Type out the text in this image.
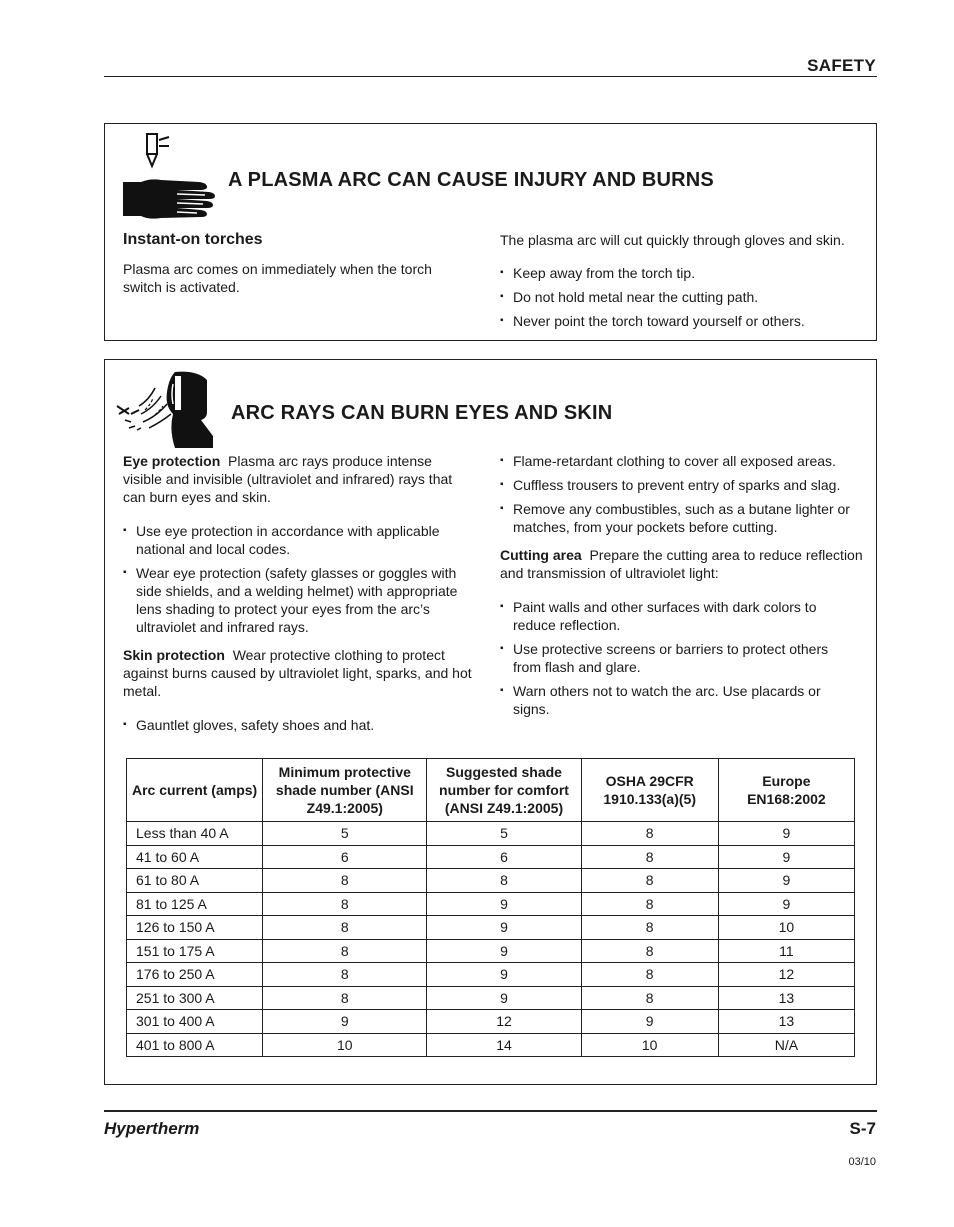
SAFETY
A PLASMA ARC CAN CAUSE INJURY AND BURNS
Instant-on torches
Plasma arc comes on immediately when the torch switch is activated.
The plasma arc will cut quickly through gloves and skin.
▪ Keep away from the torch tip.
▪ Do not hold metal near the cutting path.
▪ Never point the torch toward yourself or others.
ARC RAYS CAN BURN EYES AND SKIN
Eye protection Plasma arc rays produce intense visible and invisible (ultraviolet and infrared) rays that can burn eyes and skin.
▪ Use eye protection in accordance with applicable national and local codes.
▪ Wear eye protection (safety glasses or goggles with side shields, and a welding helmet) with appropriate lens shading to protect your eyes from the arc’s ultraviolet and infrared rays.
Skin protection Wear protective clothing to protect against burns caused by ultraviolet light, sparks, and hot metal.
▪ Gauntlet gloves, safety shoes and hat.
▪ Flame-retardant clothing to cover all exposed areas.
▪ Cuffless trousers to prevent entry of sparks and slag.
▪ Remove any combustibles, such as a butane lighter or matches, from your pockets before cutting.
Cutting area Prepare the cutting area to reduce reflection and transmission of ultraviolet light:
▪ Paint walls and other surfaces with dark colors to reduce reflection.
▪ Use protective screens or barriers to protect others from flash and glare.
▪ Warn others not to watch the arc. Use placards or signs.
Arc current (amps)	Minimum protective shade number (ANSI Z49.1:2005)	Suggested shade number for comfort (ANSI Z49.1:2005)	OSHA 29CFR 1910.133(a)(5)	Europe EN168:2002
Less than 40 A	5	5	8	9
41 to 60 A	6	6	8	9
61 to 80 A	8	8	8	9
81 to 125 A	8	9	8	9
126 to 150 A	8	9	8	10
151 to 175 A	8	9	8	11
176 to 250 A	8	9	8	12
251 to 300 A	8	9	8	13
301 to 400 A	9	12	9	13
401 to 800 A	10	14	10	N/A
Hypertherm	S-7
03/10
